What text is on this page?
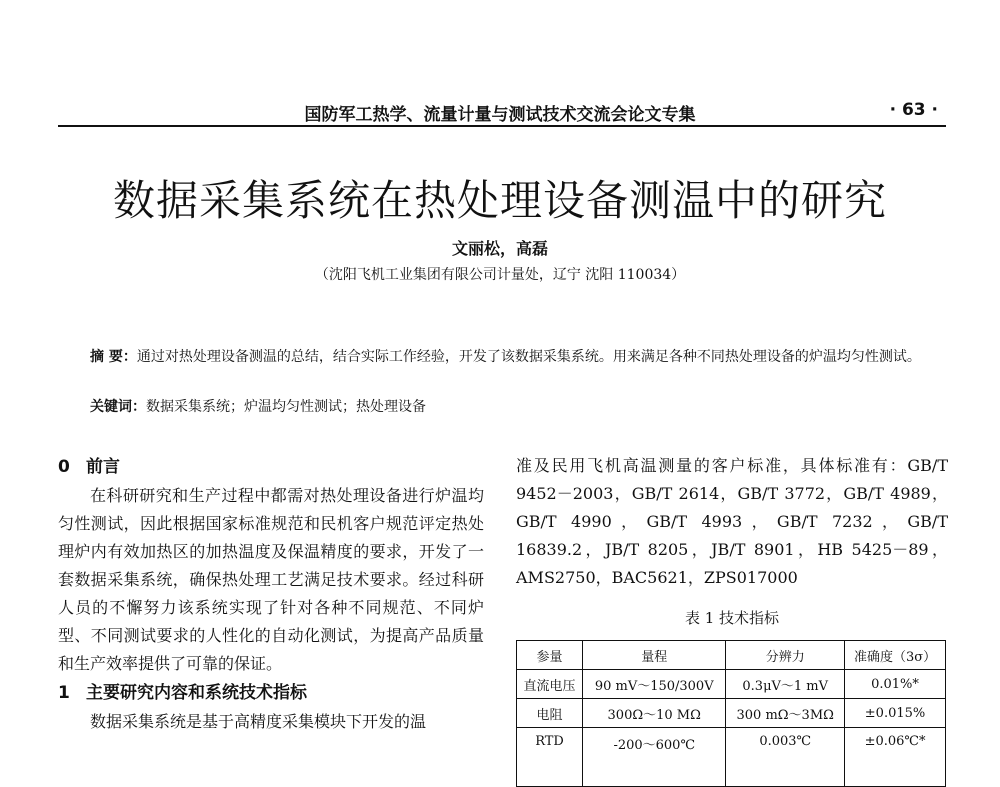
国防军工热学、流量计量与测试技术交流会论文专集	· 63 ·
数据采集系统在热处理设备测温中的研究
文丽松，高磊
（沈阳飞机工业集团有限公司计量处，辽宁 沈阳 110034）
摘 要：通过对热处理设备测温的总结，结合实际工作经验，开发了该数据采集系统。用来满足各种不同热处理设备的炉温均匀性测试。
关键词：数据采集系统；炉温均匀性测试；热处理设备
0 前言

在科研研究和生产过程中都需对热处理设备进行炉温均匀性测试，因此根据国家标准规范和民机客户规范评定热处理炉内有效加热区的加热温度及保温精度的要求，开发了一套数据采集系统，确保热处理工艺满足技术要求。经过科研人员的不懈努力该系统实现了针对各种不同规范、不同炉型、不同测试要求的人性化的自动化测试，为提高产品质量和生产效率提供了可靠的保证。

1 主要研究内容和系统技术指标

数据采集系统是基于高精度采集模块下开发的温

准及民用飞机高温测量的客户标准，具体标准有：GB/T 9452－2003，GB/T 2614，GB/T 3772，GB/T 4989，GB/T 4990，GB/T 4993，GB/T 7232，GB/T 16839.2，JB/T 8205，JB/T 8901，HB 5425－89，AMS2750，BAC5621，ZPS017000
表 1 技术指标
参量	量程	分辨力	准确度（3σ）
直流电压	90 mV～150/300V	0.3μV～1 mV	0.01%*
电阻	300Ω～10 MΩ	300 mΩ～3MΩ	±0.015%
RTD	-200～600℃	0.003℃	±0.06℃*
